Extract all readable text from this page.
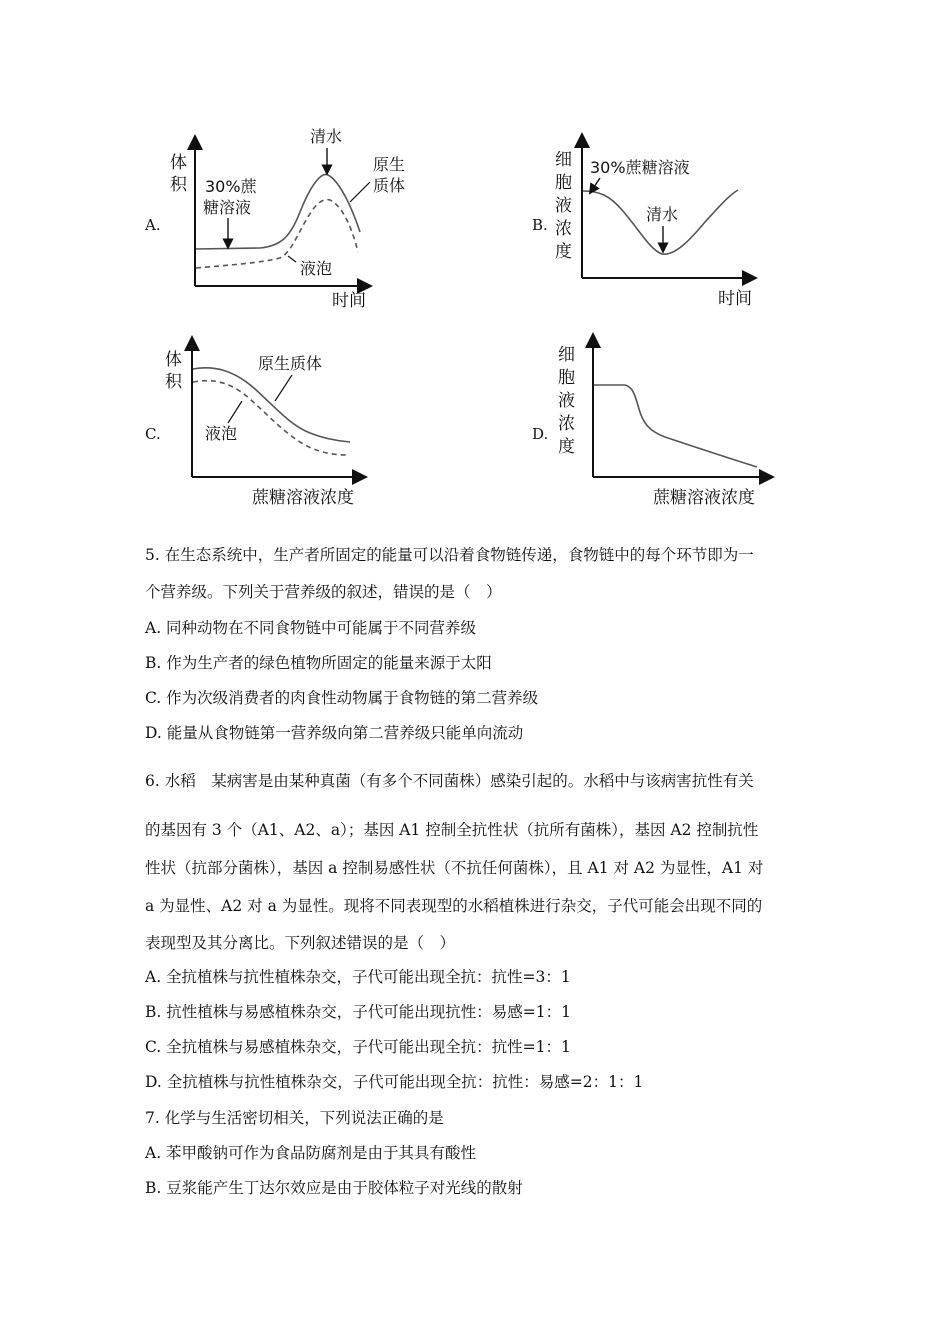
A.
体
积
时间
30%蔗
糖溶液
清水
原生
质体
液泡
B.
细
胞
液
浓
度
时间
30%蔗糖溶液
清水
C.
体
积
蔗糖溶液浓度
原生质体
液泡	D.
细
胞
液
浓
度
蔗糖溶液浓度
5. 在生态系统中，生产者所固定的能量可以沿着食物链传递，食物链中的每个环节即为一
个营养级。下列关于营养级的叙述，错误的是（　）
A. 同种动物在不同食物链中可能属于不同营养级
B. 作为生产者的绿色植物所固定的能量来源于太阳
C. 作为次级消费者的肉食性动物属于食物链的第二营养级
D. 能量从食物链第一营养级向第二营养级只能单向流动
6. 水稻　某病害是由某种真菌（有多个不同菌株）感染引起的。水稻中与该病害抗性有关
的基因有 3 个（A1、A2、a）；基因 A1 控制全抗性状（抗所有菌株），基因 A2 控制抗性
性状（抗部分菌株），基因 a 控制易感性状（不抗任何菌株），且 A1 对 A2 为显性，A1 对
a 为显性、A2 对 a 为显性。现将不同表现型的水稻植株进行杂交，子代可能会出现不同的
表现型及其分离比。下列叙述错误的是（　）
A. 全抗植株与抗性植株杂交，子代可能出现全抗：抗性=3：1
B. 抗性植株与易感植株杂交，子代可能出现抗性：易感=1：1
C. 全抗植株与易感植株杂交，子代可能出现全抗：抗性=1：1
D. 全抗植株与抗性植株杂交，子代可能出现全抗：抗性：易感=2：1：1
7. 化学与生活密切相关，下列说法正确的是
A. 苯甲酸钠可作为食品防腐剂是由于其具有酸性
B. 豆浆能产生丁达尔效应是由于胶体粒子对光线的散射
